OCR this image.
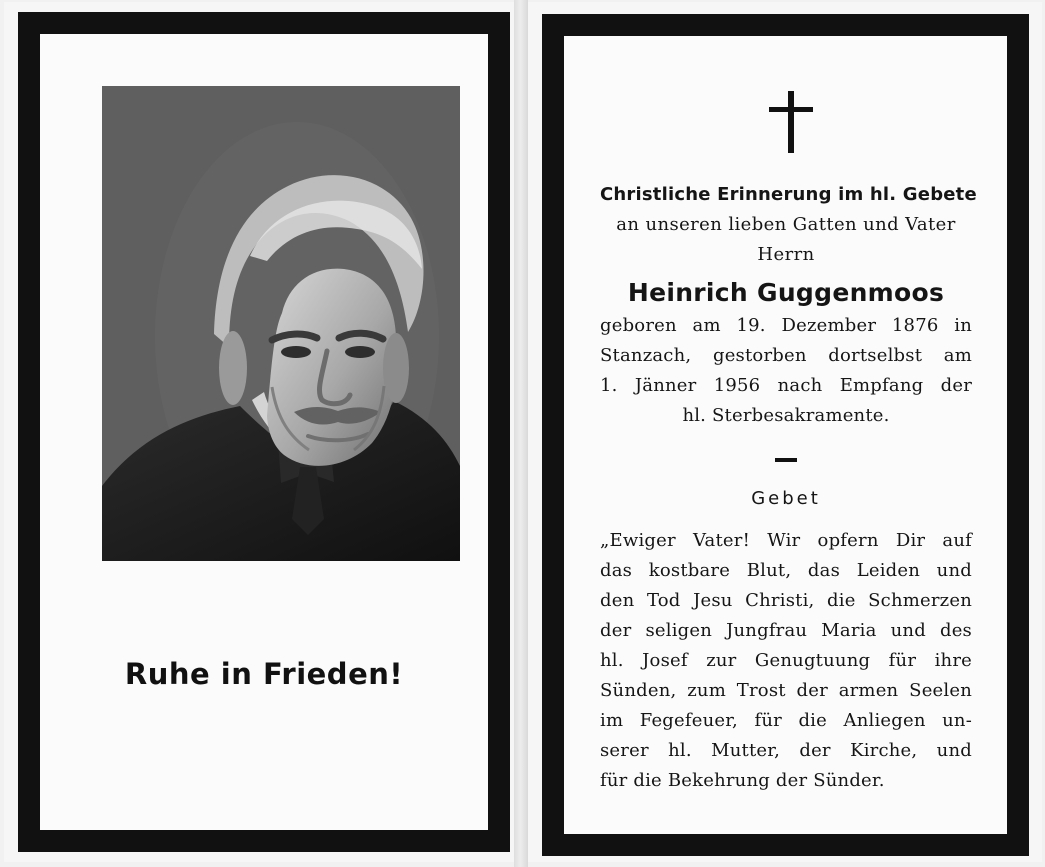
Ruhe in Frieden!
Christliche Erinnerung im hl. Gebete
an unseren lieben Gatten und Vater
Herrn
Heinrich Guggenmoos
geboren am 19. Dezember 1876 in
Stanzach, gestorben dortselbst am
1. Jänner 1956 nach Empfang der
hl. Sterbesakramente.
Gebet
„Ewiger Vater! Wir opfern Dir auf
das kostbare Blut, das Leiden und
den Tod Jesu Christi, die Schmerzen
der seligen Jungfrau Maria und des
hl. Josef zur Genugtuung für ihre
Sünden, zum Trost der armen Seelen
im Fegefeuer, für die Anliegen un-
serer hl. Mutter, der Kirche, und
für die Bekehrung der Sünder.
